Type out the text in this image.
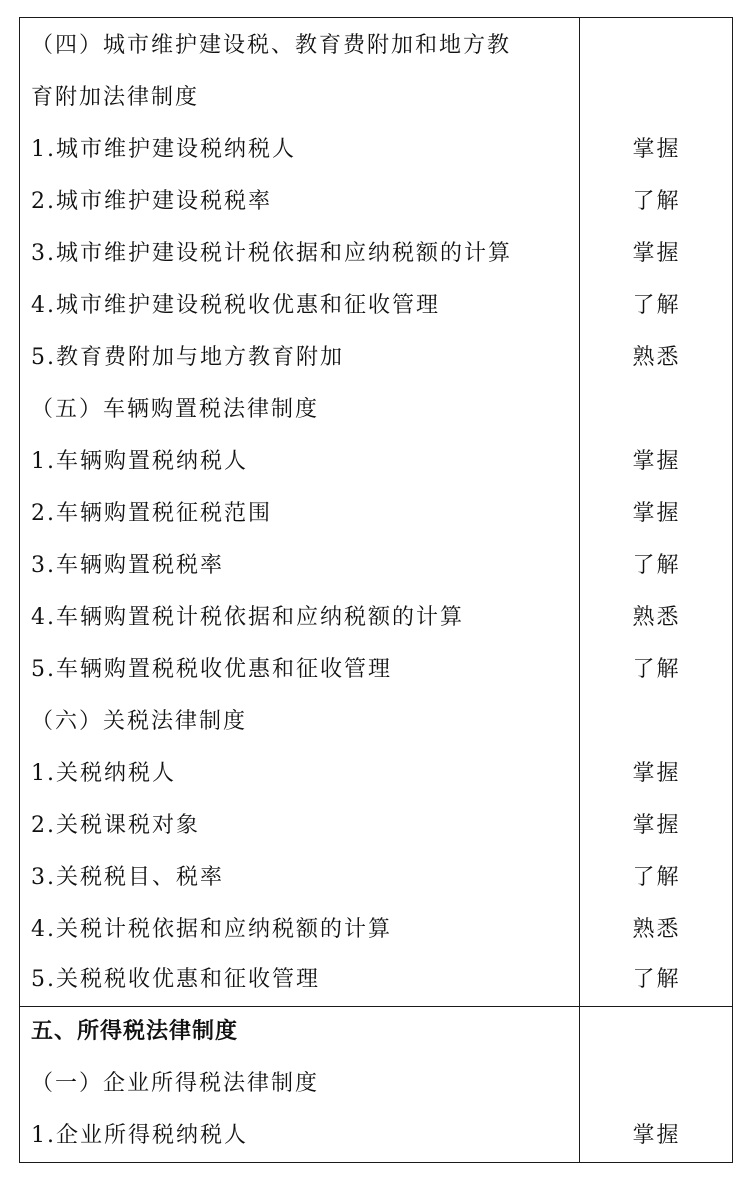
（四）城市维护建设税、教育费附加和地方教
育附加法律制度
1.城市维护建设税纳税人	掌握
2.城市维护建设税税率	了解
3.城市维护建设税计税依据和应纳税额的计算	掌握
4.城市维护建设税税收优惠和征收管理	了解
5.教育费附加与地方教育附加	熟悉
（五）车辆购置税法律制度
1.车辆购置税纳税人	掌握
2.车辆购置税征税范围	掌握
3.车辆购置税税率	了解
4.车辆购置税计税依据和应纳税额的计算	熟悉
5.车辆购置税税收优惠和征收管理	了解
（六）关税法律制度
1.关税纳税人	掌握
2.关税课税对象	掌握
3.关税税目、税率	了解
4.关税计税依据和应纳税额的计算	熟悉
5.关税税收优惠和征收管理	了解
五、所得税法律制度
（一）企业所得税法律制度
1.企业所得税纳税人	掌握
